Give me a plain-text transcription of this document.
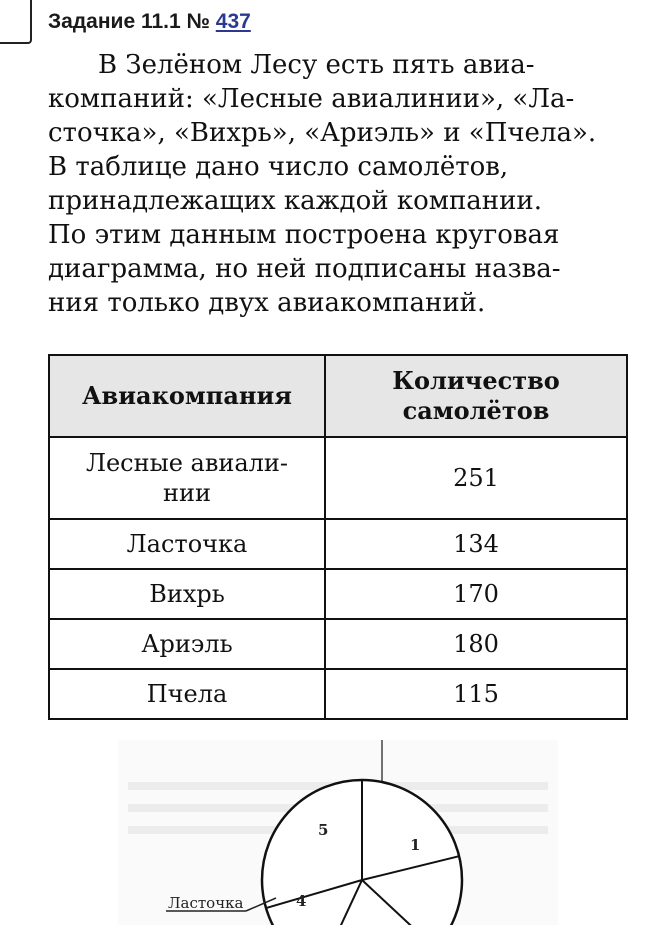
Задание 11.1 № 437

В Зелёном Лесу есть пять авиа-
компаний: «Лесные авиалинии», «Ла-
сточка», «Вихрь», «Ариэль» и «Пчела».
В таблице дано число самолётов,
принадлежащих каждой компании.
По этим данным построена круговая
диаграмма, но ней подписаны назва-
ния только двух авиакомпаний.

Авиакомпания	Количество
самолётов
Лесные авиали-
нии	251
Ласточка	134
Вихрь	170
Ариэль	180
Пчела	115
5
1
4
Ласточка
